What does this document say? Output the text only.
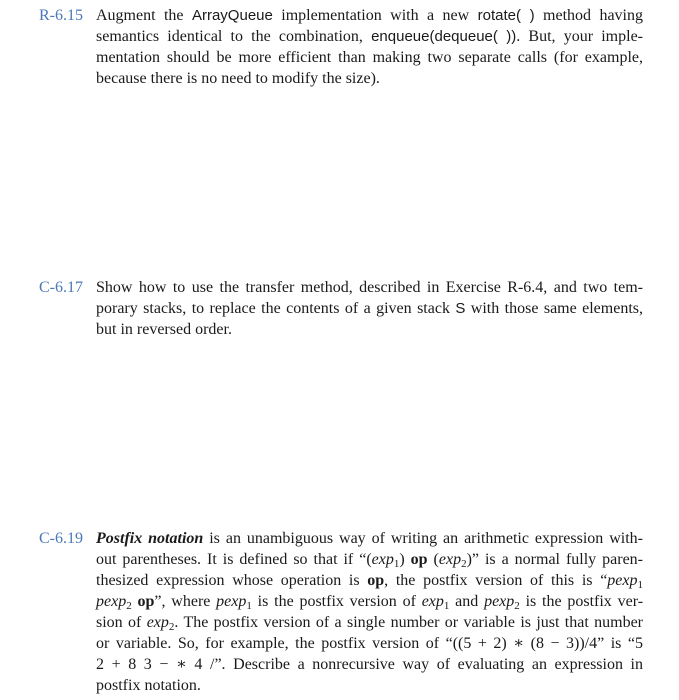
R-6.15 Augment the ArrayQueue implementation with a new rotate( ) method having
semantics identical to the combination, enqueue(dequeue( )). But, your imple-
mentation should be more efficient than making two separate calls (for example,
because there is no need to modify the size).
C-6.17 Show how to use the transfer method, described in Exercise R-6.4, and two tem-
porary stacks, to replace the contents of a given stack S with those same elements,
but in reversed order.
C-6.19 Postfix notation is an unambiguous way of writing an arithmetic expression with-
out parentheses. It is defined so that if “$(\exp_1)$ op $(\exp_2)$” is a normal fully paren-
thesized expression whose operation is op, the postfix version of this is “pexp$_1$
pexp$_2$ op”, where pexp$_1$ is the postfix version of $\exp_1$ and pexp$_2$ is the postfix ver-
sion of $\exp_2$. The postfix version of a single number or variable is just that number
or variable. So, for example, the postfix version of “((5 + 2) ∗ (8 − 3))/4” is “5
2 + 8 3 − ∗ 4 /”. Describe a nonrecursive way of evaluating an expression in
postfix notation.
